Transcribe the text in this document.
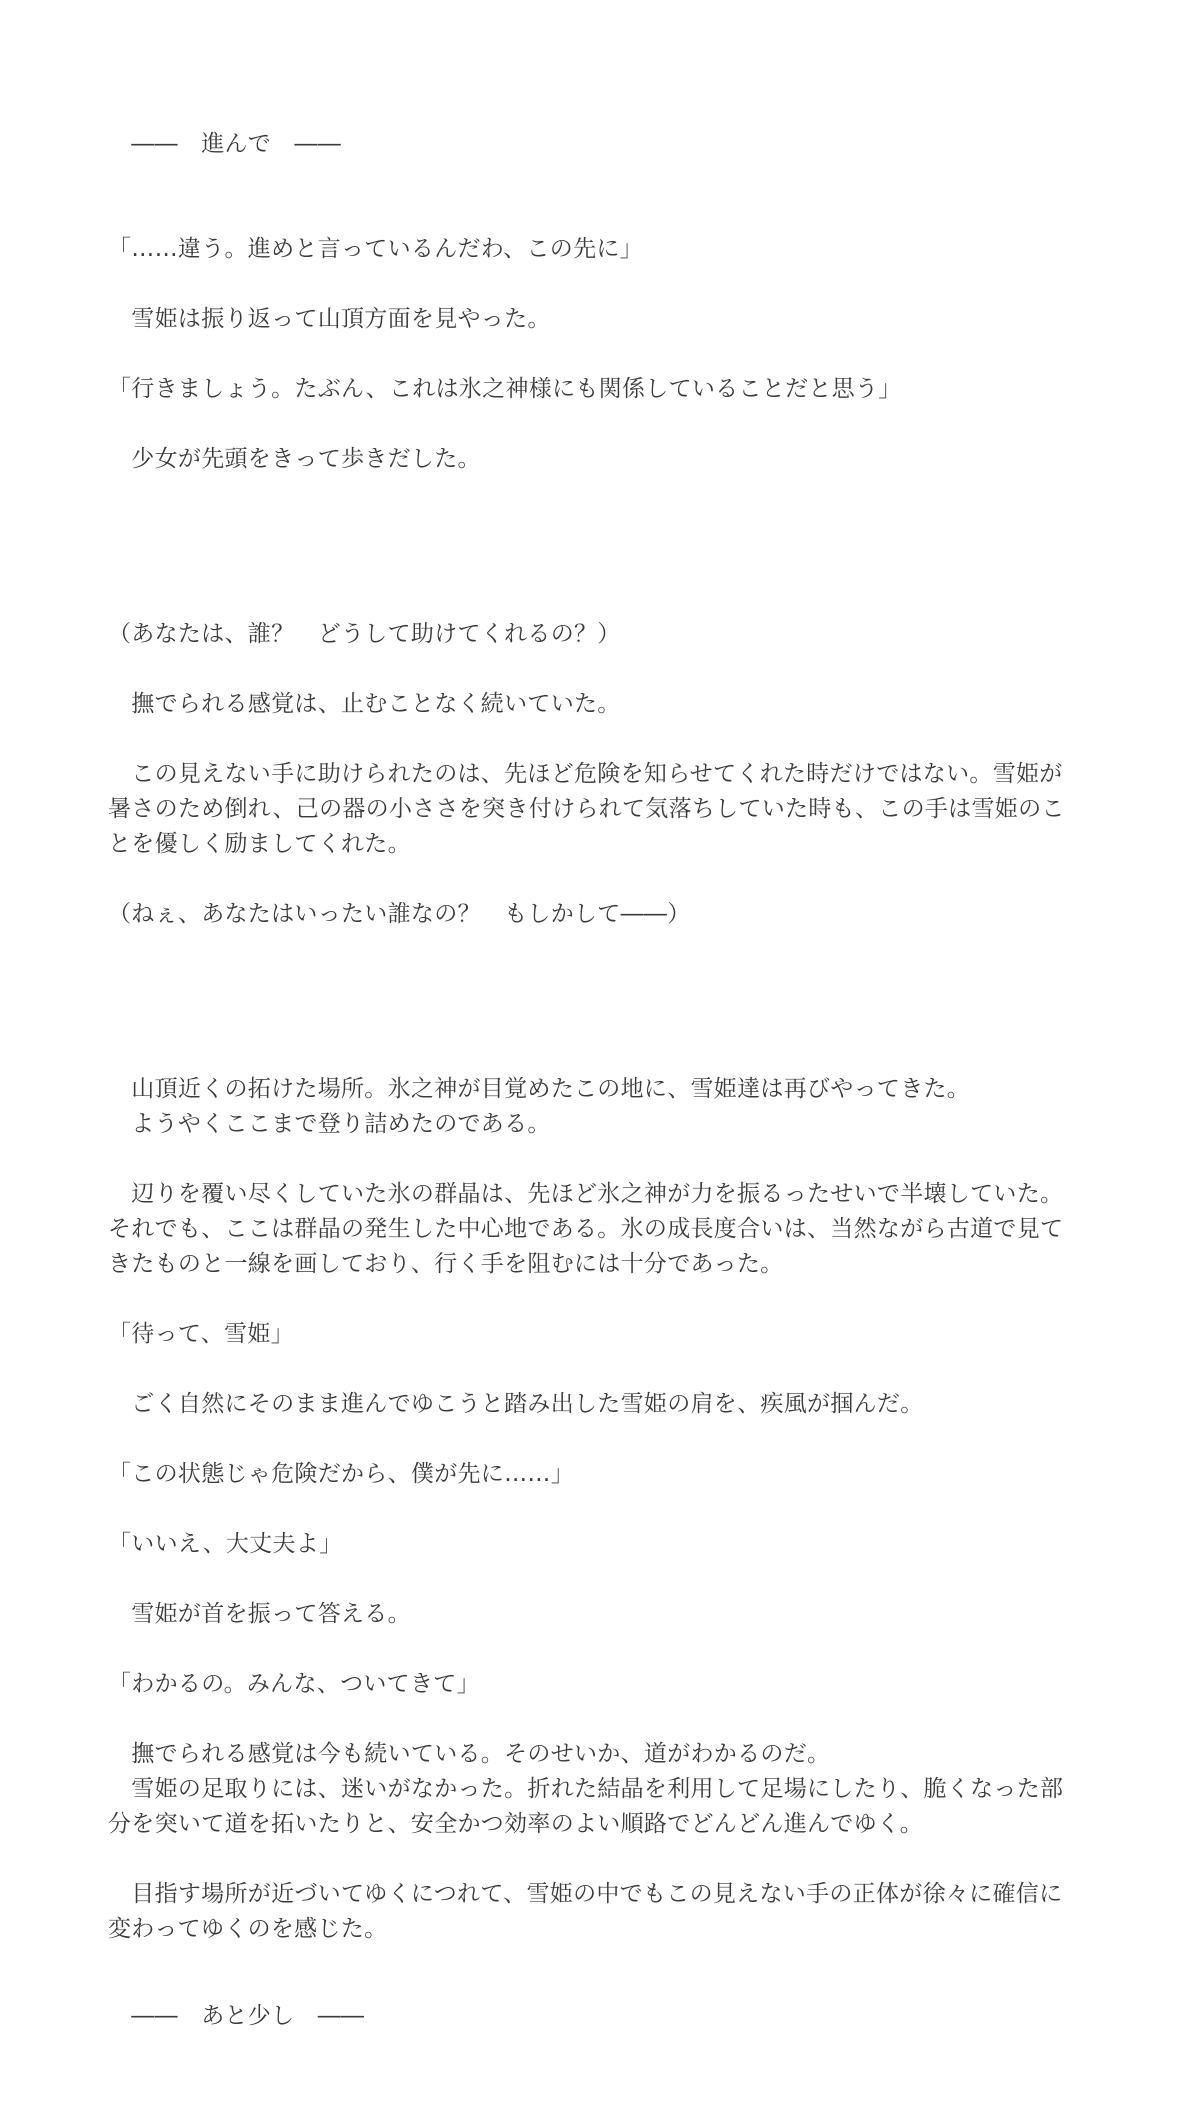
　――　進んで　――

「……違う。進めと言っているんだわ、この先に」

　雪姫は振り返って山頂方面を見やった。

「行きましょう。たぶん、これは氷之神様にも関係していることだと思う」

　少女が先頭をきって歩きだした。

（あなたは、誰？　どうして助けてくれるの？）

　撫でられる感覚は、止むことなく続いていた。

　この見えない手に助けられたのは、先ほど危険を知らせてくれた時だけではない。雪姫が暑さのため倒れ、己の器の小ささを突き付けられて気落ちしていた時も、この手は雪姫のことを優しく励ましてくれた。

（ねぇ、あなたはいったい誰なの？　もしかして――）

　山頂近くの拓けた場所。氷之神が目覚めたこの地に、雪姫達は再びやってきた。
　ようやくここまで登り詰めたのである。

　辺りを覆い尽くしていた氷の群晶は、先ほど氷之神が力を振るったせいで半壊していた。それでも、ここは群晶の発生した中心地である。氷の成長度合いは、当然ながら古道で見てきたものと一線を画しており、行く手を阻むには十分であった。

「待って、雪姫」

　ごく自然にそのまま進んでゆこうと踏み出した雪姫の肩を、疾風が掴んだ。

「この状態じゃ危険だから、僕が先に……」

「いいえ、大丈夫よ」

　雪姫が首を振って答える。

「わかるの。みんな、ついてきて」

　撫でられる感覚は今も続いている。そのせいか、道がわかるのだ。
　雪姫の足取りには、迷いがなかった。折れた結晶を利用して足場にしたり、脆くなった部分を突いて道を拓いたりと、安全かつ効率のよい順路でどんどん進んでゆく。

　目指す場所が近づいてゆくにつれて、雪姫の中でもこの見えない手の正体が徐々に確信に変わってゆくのを感じた。

　――　あと少し　――
